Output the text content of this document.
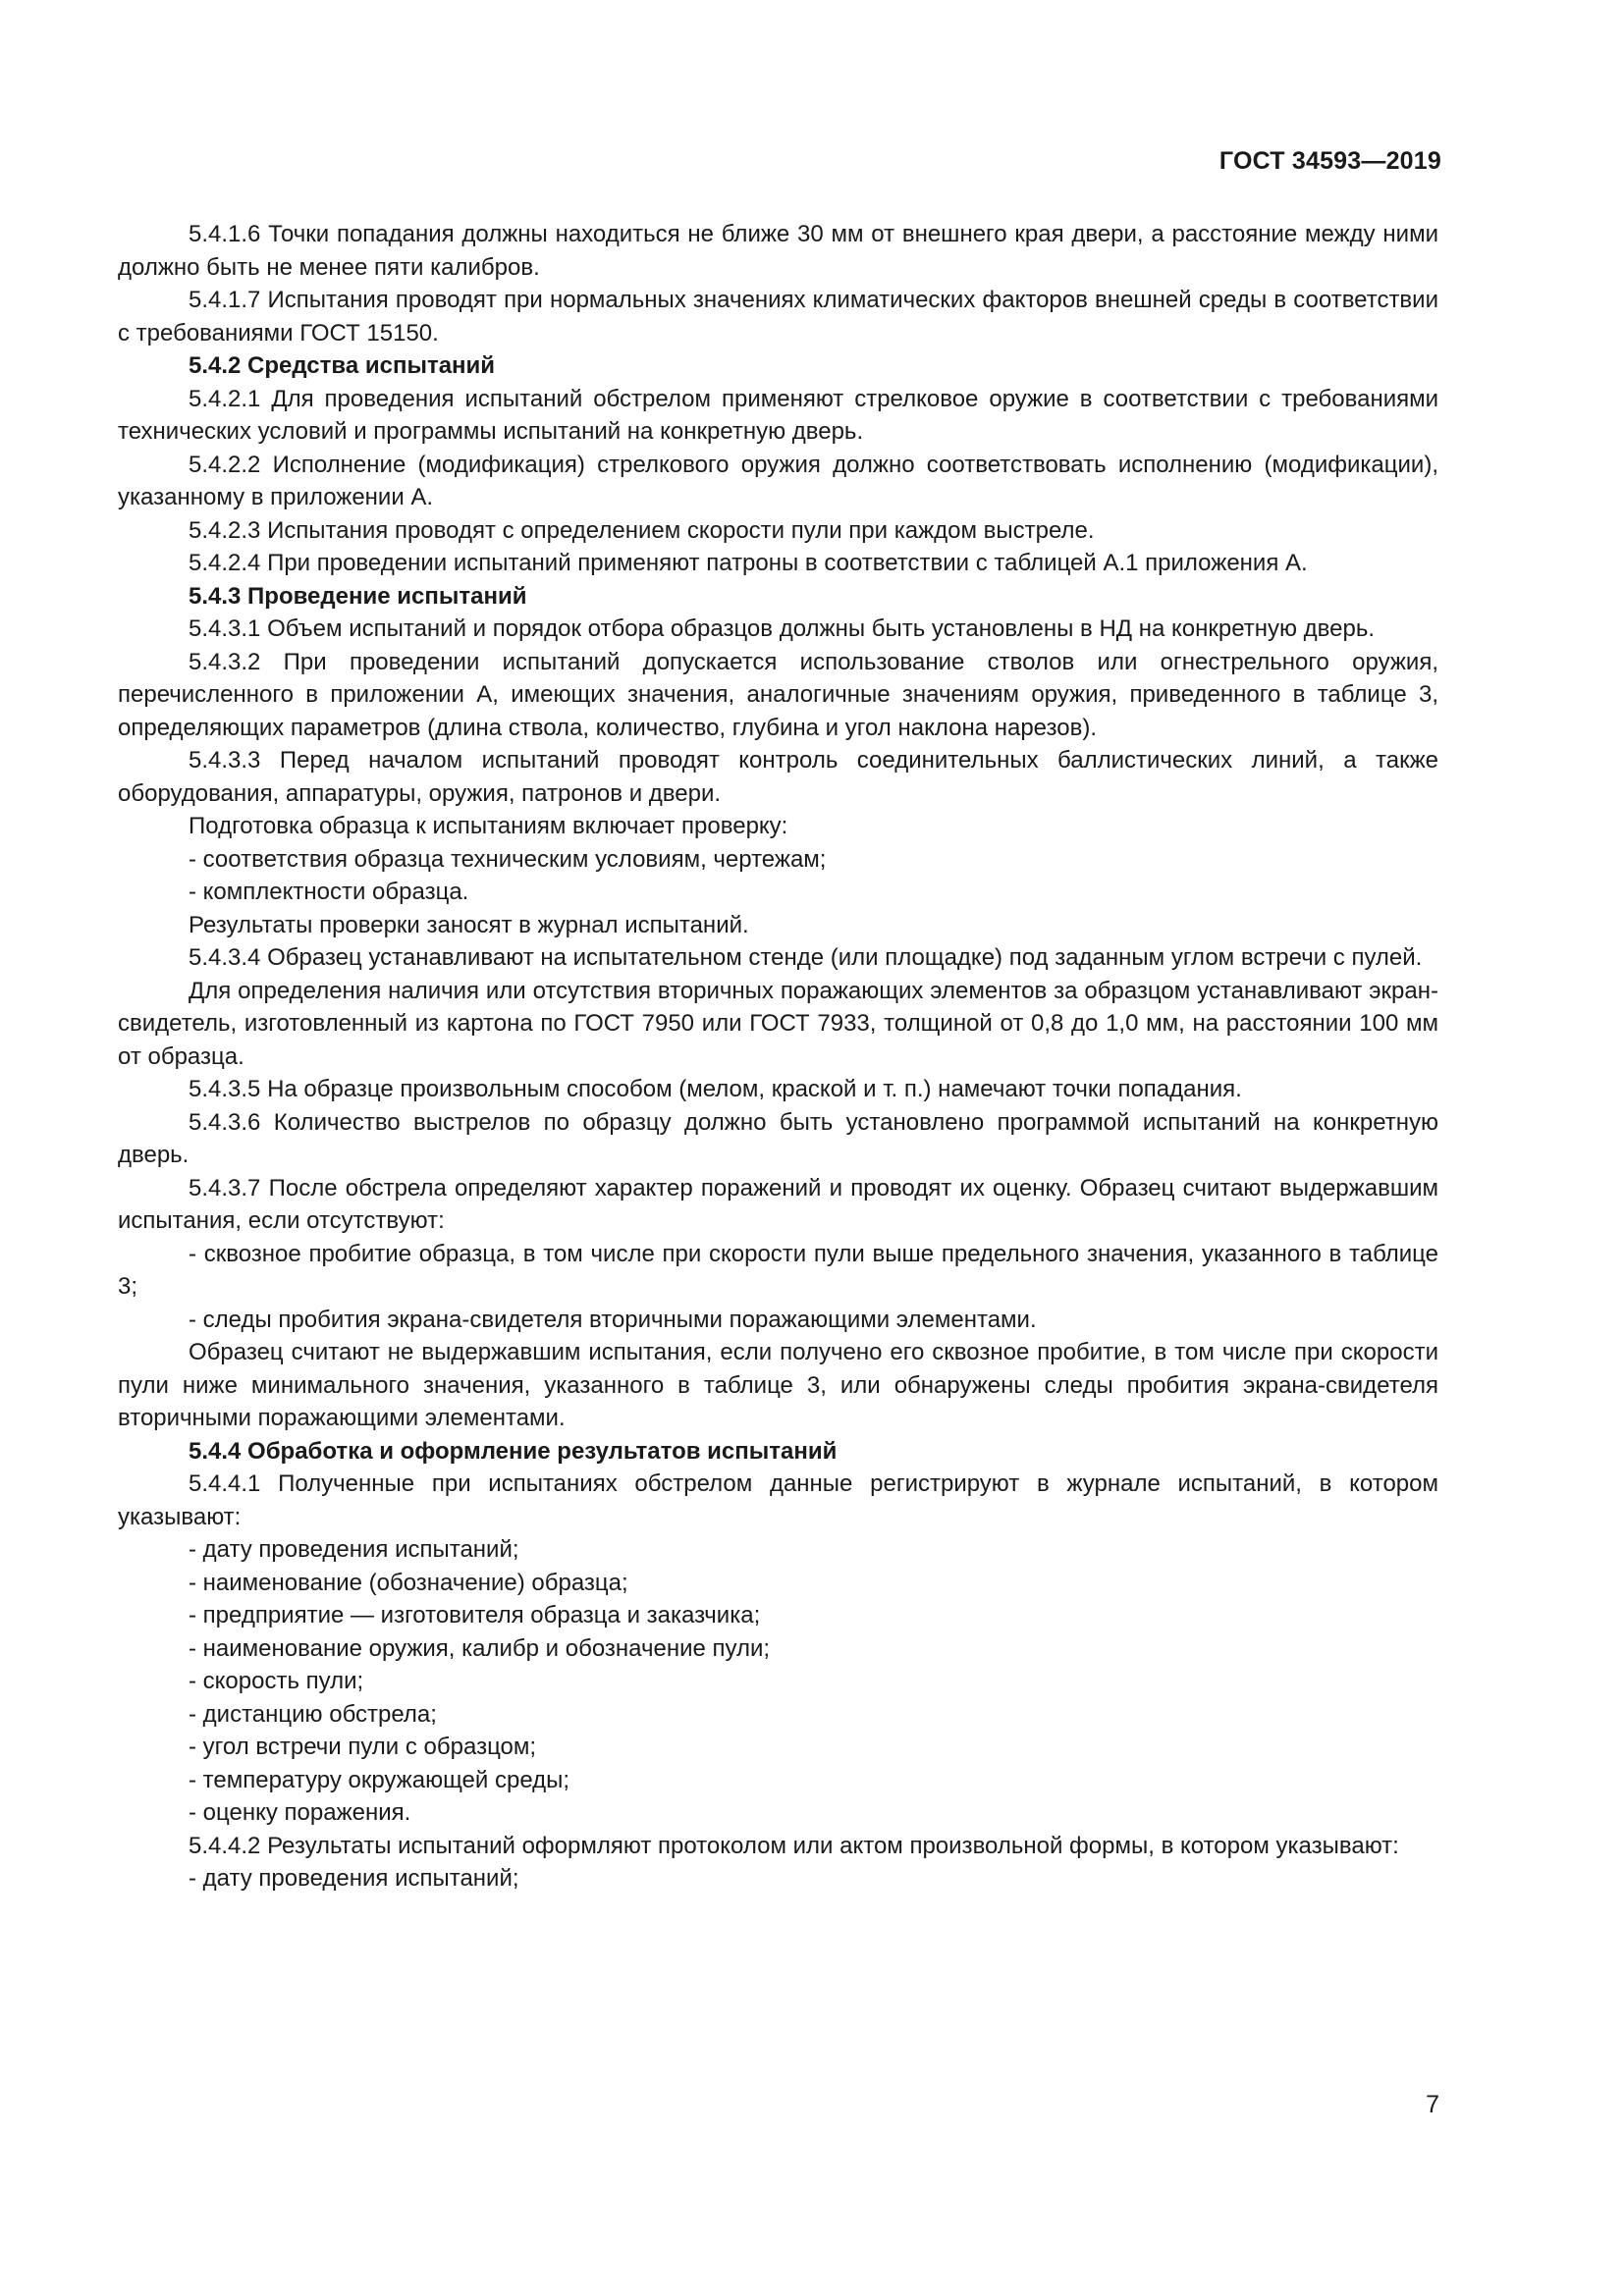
ГОСТ 34593—2019

5.4.1.6 Точки попадания должны находиться не ближе 30 мм от внешнего края двери, а расстояние между ними должно быть не менее пяти калибров.

5.4.1.7 Испытания проводят при нормальных значениях климатических факторов внешней среды в соответствии с требованиями ГОСТ 15150.

5.4.2 Средства испытаний

5.4.2.1 Для проведения испытаний обстрелом применяют стрелковое оружие в соответствии с требованиями технических условий и программы испытаний на конкретную дверь.

5.4.2.2 Исполнение (модификация) стрелкового оружия должно соответствовать исполнению (модификации), указанному в приложении А.

5.4.2.3 Испытания проводят с определением скорости пули при каждом выстреле.

5.4.2.4 При проведении испытаний применяют патроны в соответствии с таблицей А.1 приложения А.

5.4.3 Проведение испытаний

5.4.3.1 Объем испытаний и порядок отбора образцов должны быть установлены в НД на конкретную дверь.

5.4.3.2 При проведении испытаний допускается использование стволов или огнестрельного оружия, перечисленного в приложении А, имеющих значения, аналогичные значениям оружия, приведенного в таблице 3, определяющих параметров (длина ствола, количество, глубина и угол наклона нарезов).

5.4.3.3 Перед началом испытаний проводят контроль соединительных баллистических линий, а также оборудования, аппаратуры, оружия, патронов и двери.

Подготовка образца к испытаниям включает проверку:

- соответствия образца техническим условиям, чертежам;

- комплектности образца.

Результаты проверки заносят в журнал испытаний.

5.4.3.4 Образец устанавливают на испытательном стенде (или площадке) под заданным углом встречи с пулей.

Для определения наличия или отсутствия вторичных поражающих элементов за образцом устанавливают экран-свидетель, изготовленный из картона по ГОСТ 7950 или ГОСТ 7933, толщиной от 0,8 до 1,0 мм, на расстоянии 100 мм от образца.

5.4.3.5 На образце произвольным способом (мелом, краской и т. п.) намечают точки попадания.

5.4.3.6 Количество выстрелов по образцу должно быть установлено программой испытаний на конкретную дверь.

5.4.3.7 После обстрела определяют характер поражений и проводят их оценку. Образец считают выдержавшим испытания, если отсутствуют:

- сквозное пробитие образца, в том числе при скорости пули выше предельного значения, указанного в таблице 3;

- следы пробития экрана-свидетеля вторичными поражающими элементами.

Образец считают не выдержавшим испытания, если получено его сквозное пробитие, в том числе при скорости пули ниже минимального значения, указанного в таблице 3, или обнаружены следы пробития экрана-свидетеля вторичными поражающими элементами.

5.4.4 Обработка и оформление результатов испытаний

5.4.4.1 Полученные при испытаниях обстрелом данные регистрируют в журнале испытаний, в котором указывают:

- дату проведения испытаний;

- наименование (обозначение) образца;

- предприятие — изготовителя образца и заказчика;

- наименование оружия, калибр и обозначение пули;

- скорость пули;

- дистанцию обстрела;

- угол встречи пули с образцом;

- температуру окружающей среды;

- оценку поражения.

5.4.4.2 Результаты испытаний оформляют протоколом или актом произвольной формы, в котором указывают:

- дату проведения испытаний;

7
